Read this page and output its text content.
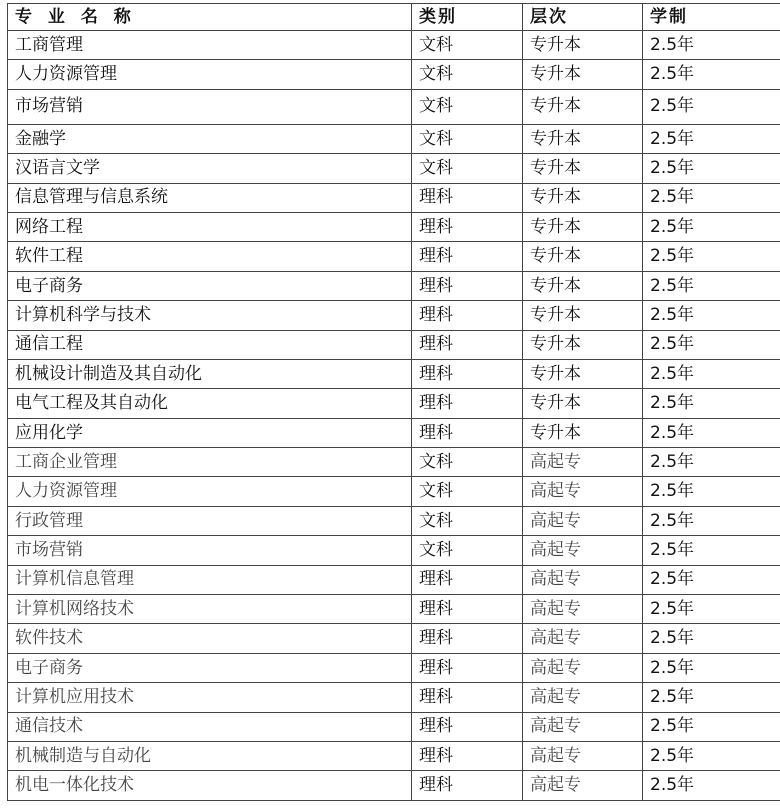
专 业 名 称	类别	层次	学制
工商管理	文科	专升本	2.5年
人力资源管理	文科	专升本	2.5年
市场营销	文科	专升本	2.5年
金融学	文科	专升本	2.5年
汉语言文学	文科	专升本	2.5年
信息管理与信息系统	理科	专升本	2.5年
网络工程	理科	专升本	2.5年
软件工程	理科	专升本	2.5年
电子商务	理科	专升本	2.5年
计算机科学与技术	理科	专升本	2.5年
通信工程	理科	专升本	2.5年
机械设计制造及其自动化	理科	专升本	2.5年
电气工程及其自动化	理科	专升本	2.5年
应用化学	理科	专升本	2.5年
工商企业管理	文科	高起专	2.5年
人力资源管理	文科	高起专	2.5年
行政管理	文科	高起专	2.5年
市场营销	文科	高起专	2.5年
计算机信息管理	理科	高起专	2.5年
计算机网络技术	理科	高起专	2.5年
软件技术	理科	高起专	2.5年
电子商务	理科	高起专	2.5年
计算机应用技术	理科	高起专	2.5年
通信技术	理科	高起专	2.5年
机械制造与自动化	理科	高起专	2.5年
机电一体化技术	理科	高起专	2.5年
